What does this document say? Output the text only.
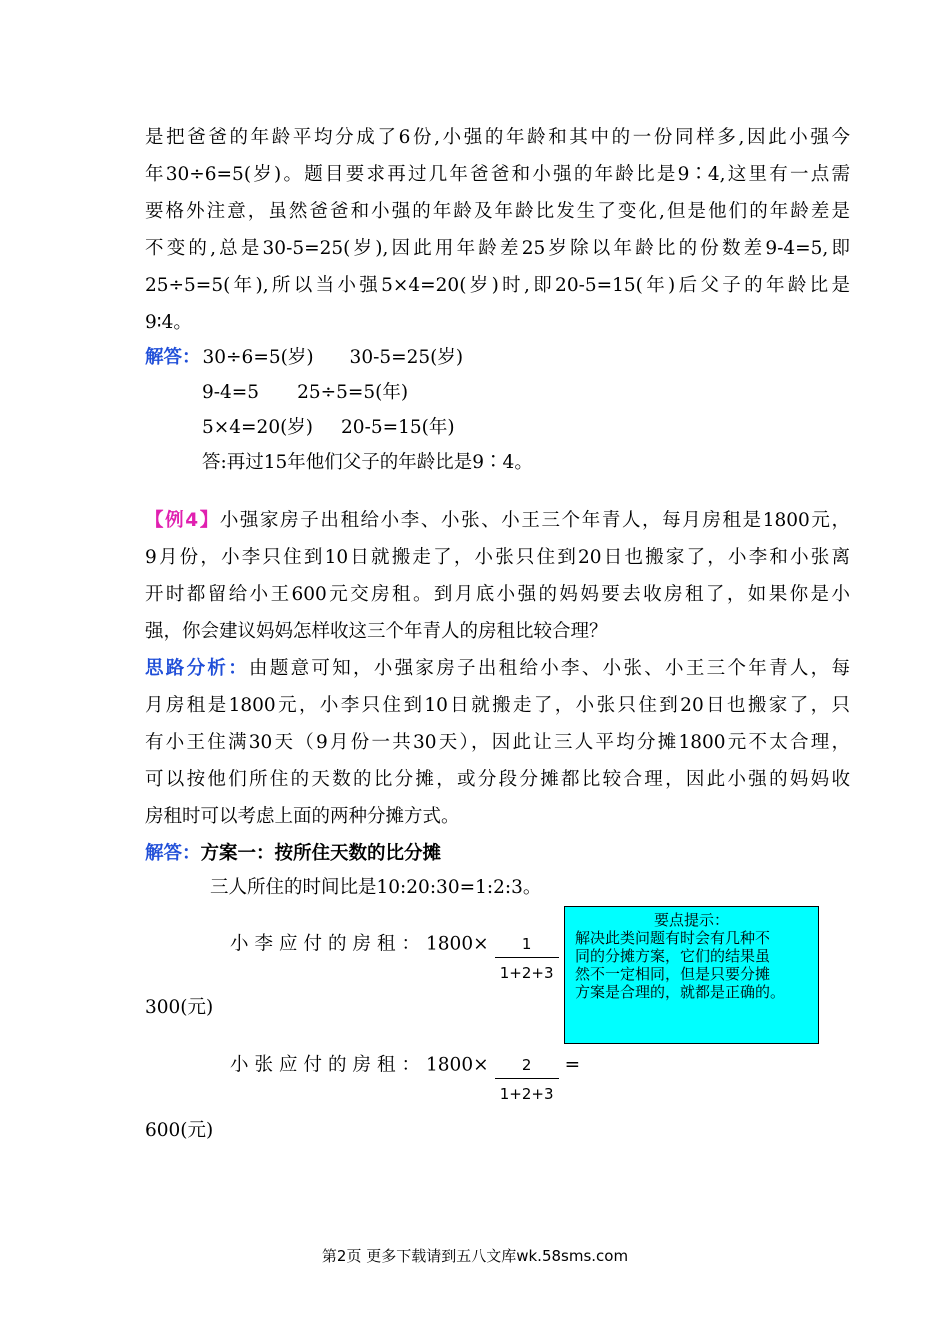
是把爸爸的年龄平均分成了6份,小强的年龄和其中的一份同样多,因此小强今
年30÷6=5(岁)。题目要求再过几年爸爸和小强的年龄比是9∶4,这里有一点需
要格外注意，虽然爸爸和小强的年龄及年龄比发生了变化,但是他们的年龄差是
不变的,总是30-5=25(岁),因此用年龄差25岁除以年龄比的份数差9-4=5,即
25÷5=5(年),所以当小强5×4=20(岁)时,即20-5=15(年)后父子的年龄比是
9∶4。
解答： 30÷6=5(岁) 30-5=25(岁)
9-4=5 25÷5=5(年)
5×4=20(岁) 20-5=15(年)
答:再过15年他们父子的年龄比是9∶4。
【例4】小强家房子出租给小李、小张、小王三个年青人，每月房租是1800元，
9月份，小李只住到10日就搬走了，小张只住到20日也搬家了，小李和小张离
开时都留给小王600元交房租。到月底小强的妈妈要去收房租了，如果你是小
强，你会建议妈妈怎样收这三个年青人的房租比较合理？
思路分析：由题意可知，小强家房子出租给小李、小张、小王三个年青人，每
月房租是1800元，小李只住到10日就搬走了，小张只住到20日也搬家了，只
有小王住满30天（9月份一共30天），因此让三人平均分摊1800元不太合理，
可以按他们所住的天数的比分摊，或分段分摊都比较合理，因此小强的妈妈收
房租时可以考虑上面的两种分摊方式。
解答：方案一：按所住天数的比分摊
三人所住的时间比是10:20:30=1:2:3。
小李应付的房租：$1800\times \frac{1}{1+2+3}$
300(元)
小张应付的房租：$1800\times \frac{2}{1+2+3}$ =
600(元)
要点提示：
解决此类问题有时会有几种不
同的分摊方案，它们的结果虽
然不一定相同，但是只要分摊
方案是合理的，就都是正确的。
第2页 更多下载请到五八文库wk.58sms.com
